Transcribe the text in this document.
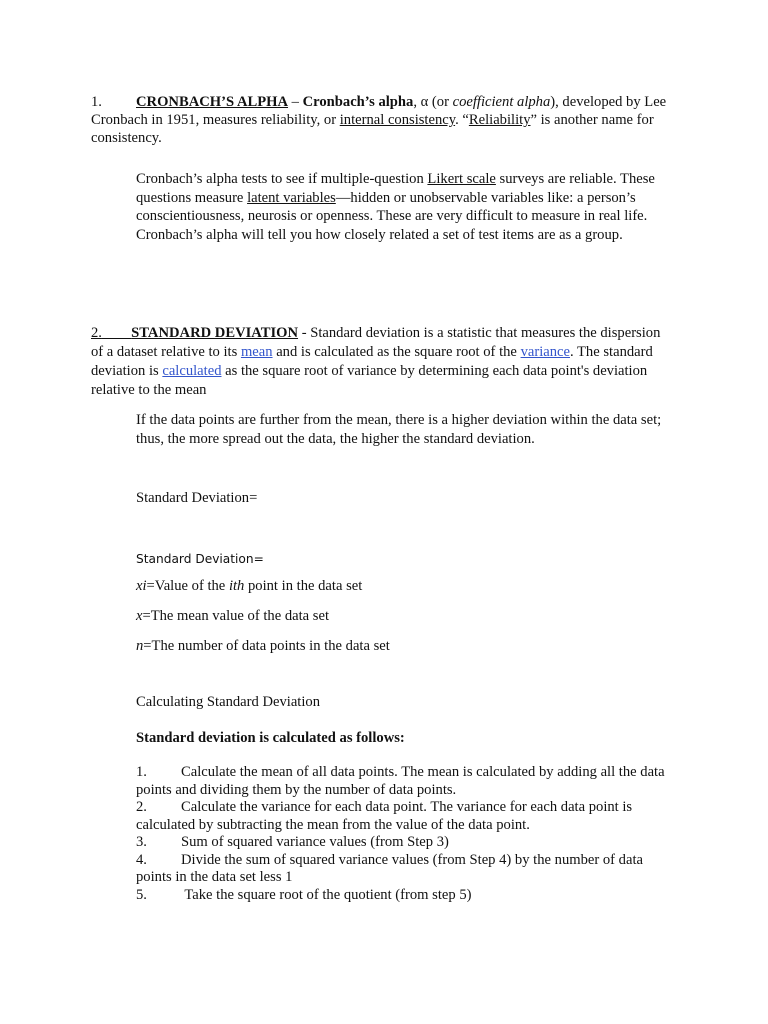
1. CRONBACH’S ALPHA – Cronbach’s alpha, α (or coefficient alpha), developed by Lee Cronbach in 1951, measures reliability, or internal consistency. “Reliability” is another name for consistency.

Cronbach’s alpha tests to see if multiple-question Likert scale surveys are reliable. These questions measure latent variables—hidden or unobservable variables like: a person’s conscientiousness, neurosis or openness. These are very difficult to measure in real life. Cronbach’s alpha will tell you how closely related a set of test items are as a group.

2. STANDARD DEVIATION - Standard deviation is a statistic that measures the dispersion of a dataset relative to its mean and is calculated as the square root of the variance. The standard deviation is calculated as the square root of variance by determining each data point's deviation relative to the mean

If the data points are further from the mean, there is a higher deviation within the data set; thus, the more spread out the data, the higher the standard deviation.

Standard Deviation=

Standard Deviation=

xi=Value of the ith point in the data set

x=The mean value of the data set

n=The number of data points in the data set

Calculating Standard Deviation

Standard deviation is calculated as follows:

1. Calculate the mean of all data points. The mean is calculated by adding all the data points and dividing them by the number of data points.

2. Calculate the variance for each data point. The variance for each data point is calculated by subtracting the mean from the value of the data point.

3. Sum of squared variance values (from Step 3)

4. Divide the sum of squared variance values (from Step 4) by the number of data points in the data set less 1

5. Take the square root of the quotient (from step 5)
